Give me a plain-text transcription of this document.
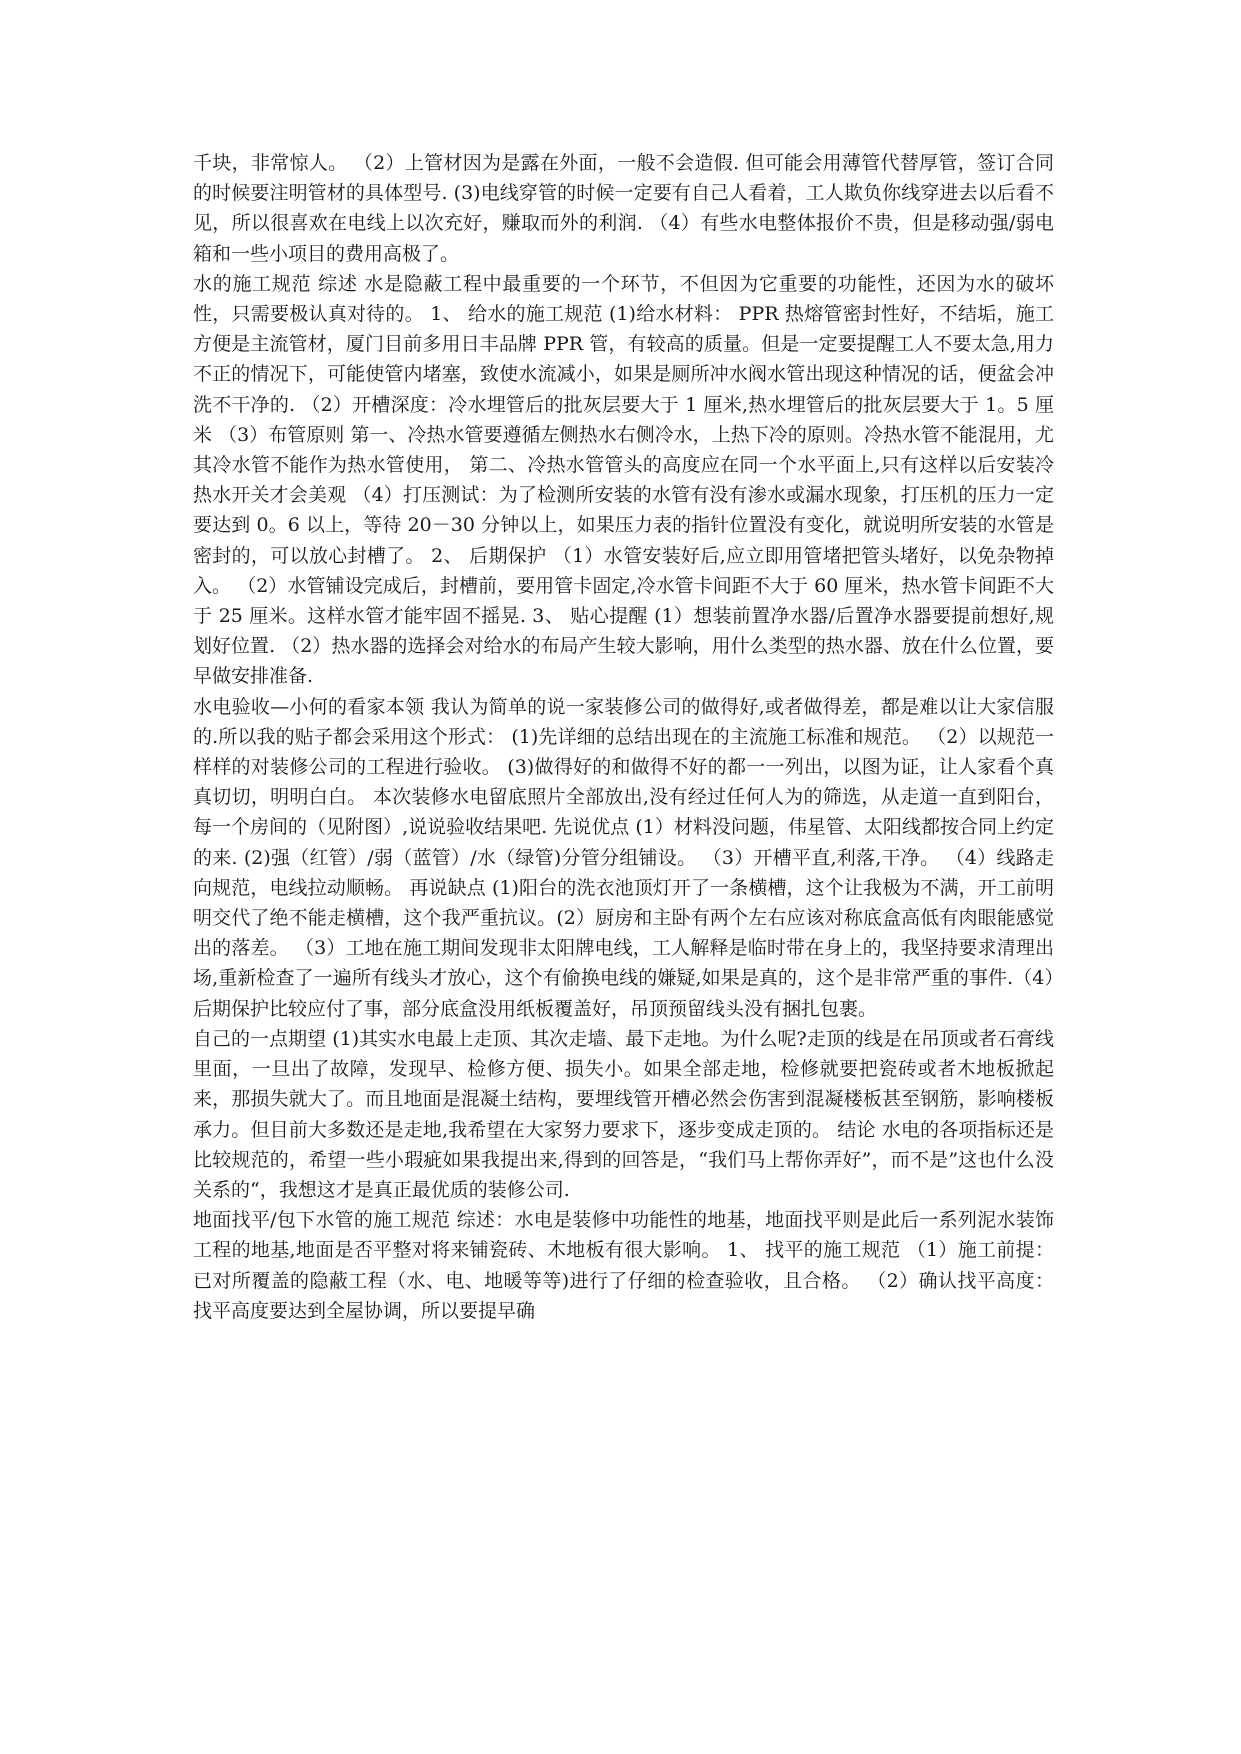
千块，非常惊人。 （2）上管材因为是露在外面，一般不会造假. 但可能会用薄管代替厚管，签订合同的时候要注明管材的具体型号. (3)电线穿管的时候一定要有自己人看着，工人欺负你线穿进去以后看不见，所以很喜欢在电线上以次充好，赚取而外的利润. （4）有些水电整体报价不贵，但是移动强/弱电箱和一些小项目的费用高极了。

水的施工规范 综述 水是隐蔽工程中最重要的一个环节，不但因为它重要的功能性，还因为水的破坏性，只需要极认真对待的。 1、 给水的施工规范 (1)给水材料： PPR 热熔管密封性好，不结垢，施工方便是主流管材，厦门目前多用日丰品牌 PPR 管，有较高的质量。但是一定要提醒工人不要太急,用力不正的情况下，可能使管内堵塞，致使水流减小，如果是厕所冲水阀水管出现这种情况的话，便盆会冲洗不干净的. （2）开槽深度：冷水埋管后的批灰层要大于 1 厘米,热水埋管后的批灰层要大于 1。5 厘米 （3）布管原则 第一、冷热水管要遵循左侧热水右侧冷水，上热下冷的原则。冷热水管不能混用，尤其冷水管不能作为热水管使用， 第二、冷热水管管头的高度应在同一个水平面上,只有这样以后安装冷热水开关才会美观 （4）打压测试：为了检测所安装的水管有没有渗水或漏水现象，打压机的压力一定要达到 0。6 以上，等待 20－30 分钟以上，如果压力表的指针位置没有变化，就说明所安装的水管是密封的，可以放心封槽了。 2、 后期保护 （1）水管安装好后,应立即用管堵把管头堵好，以免杂物掉入。 （2）水管铺设完成后，封槽前，要用管卡固定,冷水管卡间距不大于 60 厘米，热水管卡间距不大于 25 厘米。这样水管才能牢固不摇晃. 3、 贴心提醒 (1）想装前置净水器/后置净水器要提前想好,规划好位置. （2）热水器的选择会对给水的布局产生较大影响，用什么类型的热水器、放在什么位置，要早做安排准备.

水电验收—小何的看家本领 我认为简单的说一家装修公司的做得好,或者做得差，都是难以让大家信服的.所以我的贴子都会采用这个形式： (1)先详细的总结出现在的主流施工标准和规范。 （2）以规范一样样的对装修公司的工程进行验收。 (3)做得好的和做得不好的都一一列出，以图为证，让人家看个真真切切，明明白白。 本次装修水电留底照片全部放出,没有经过任何人为的筛选，从走道一直到阳台，每一个房间的（见附图）,说说验收结果吧. 先说优点 (1）材料没问题，伟星管、太阳线都按合同上约定的来. (2)强（红管）/弱（蓝管）/水（绿管)分管分组铺设。 （3）开槽平直,利落,干净。 （4）线路走向规范，电线拉动顺畅。 再说缺点 (1)阳台的洗衣池顶灯开了一条横槽，这个让我极为不满，开工前明明交代了绝不能走横槽，这个我严重抗议。(2）厨房和主卧有两个左右应该对称底盒高低有肉眼能感觉出的落差。 （3）工地在施工期间发现非太阳牌电线，工人解释是临时带在身上的，我坚持要求清理出场,重新检查了一遍所有线头才放心，这个有偷换电线的嫌疑,如果是真的，这个是非常严重的事件.（4）后期保护比较应付了事，部分底盒没用纸板覆盖好，吊顶预留线头没有捆扎包裹。

自己的一点期望 (1)其实水电最上走顶、其次走墙、最下走地。为什么呢?走顶的线是在吊顶或者石膏线里面，一旦出了故障，发现早、检修方便、损失小。如果全部走地，检修就要把瓷砖或者木地板掀起来，那损失就大了。而且地面是混凝土结构，要埋线管开槽必然会伤害到混凝楼板甚至钢筋，影响楼板承力。但目前大多数还是走地,我希望在大家努力要求下，逐步变成走顶的。 结论 水电的各项指标还是比较规范的，希望一些小瑕疵如果我提出来,得到的回答是，“我们马上帮你弄好”，而不是”这也什么没关系的“，我想这才是真正最优质的装修公司.

地面找平/包下水管的施工规范 综述：水电是装修中功能性的地基，地面找平则是此后一系列泥水装饰工程的地基,地面是否平整对将来铺瓷砖、木地板有很大影响。 1、 找平的施工规范 （1）施工前提：已对所覆盖的隐蔽工程（水、电、地暖等等)进行了仔细的检查验收，且合格。 （2）确认找平高度：找平高度要达到全屋协调，所以要提早确
